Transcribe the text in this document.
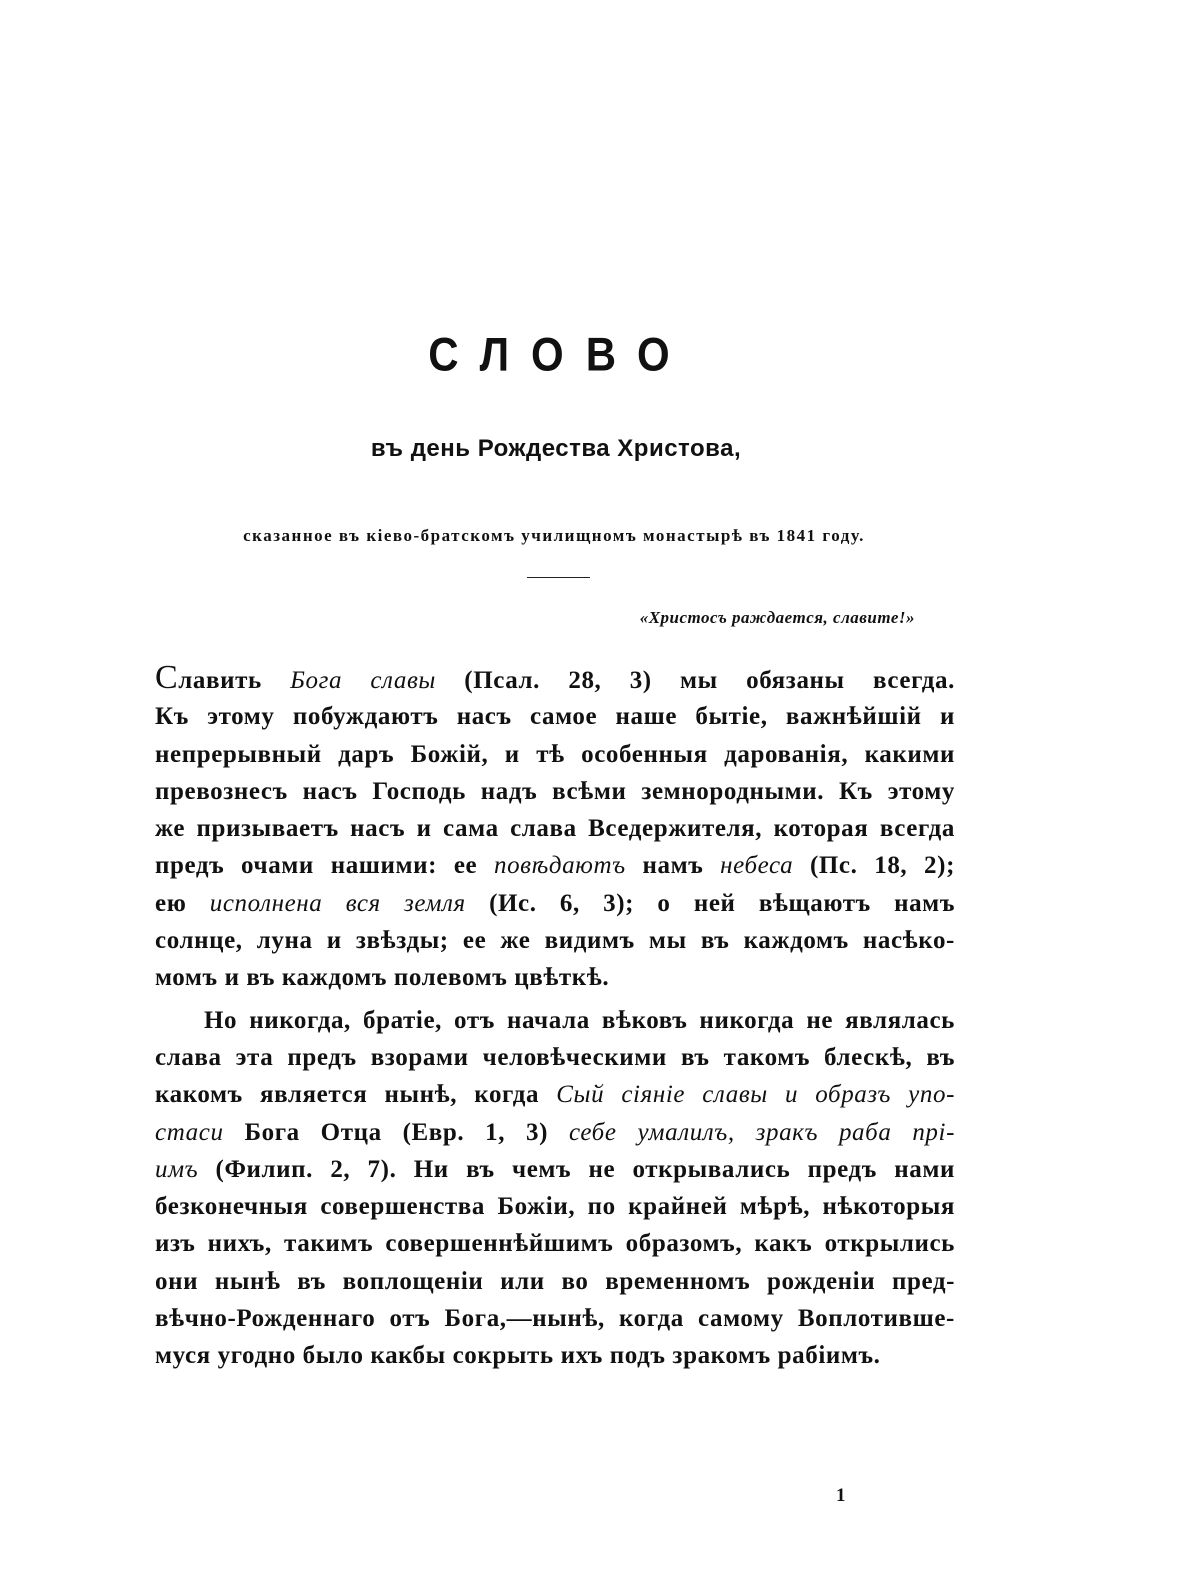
СЛОВО
въ день Рождества Христова,
сказанное въ кіево-братскомъ училищномъ монастырѣ въ 1841 году.
«Христосъ раждается, славите!»
Славить Бога славы (Псал. 28, 3) мы обязаны всегда.
Къ этому побуждаютъ насъ самое наше бытіе, важнѣйшій и
непрерывный даръ Божій, и тѣ особенныя дарованія, какими
превознесъ насъ Господь надъ всѣми земнородными. Къ этому
же призываетъ насъ и сама слава Вседержителя, которая всегда
предъ очами нашими: ее повѣдаютъ намъ небеса (Пс. 18, 2);
ею исполнена вся земля (Ис. 6, 3); о ней вѣщаютъ намъ
солнце, луна и звѣзды; ее же видимъ мы въ каждомъ насѣко-
момъ и въ каждомъ полевомъ цвѣткѣ.
Но никогда, братіе, отъ начала вѣковъ никогда не являлась
слава эта предъ взорами человѣческими въ такомъ блескѣ, въ
какомъ является нынѣ, когда Сый сіяніе славы и образъ упо-
стаси Бога Отца (Евр. 1, 3) себе умалилъ, зракъ раба прі-
имъ (Филип. 2, 7). Ни въ чемъ не открывались предъ нами
безконечныя совершенства Божіи, по крайней мѣрѣ, нѣкоторыя
изъ нихъ, такимъ совершеннѣйшимъ образомъ, какъ открылись
они нынѣ въ воплощеніи или во временномъ рожденіи пред-
вѣчно-Рожденнаго отъ Бога,—нынѣ, когда самому Воплотивше-
муся угодно было какбы сокрыть ихъ подъ зракомъ рабіимъ.
1
